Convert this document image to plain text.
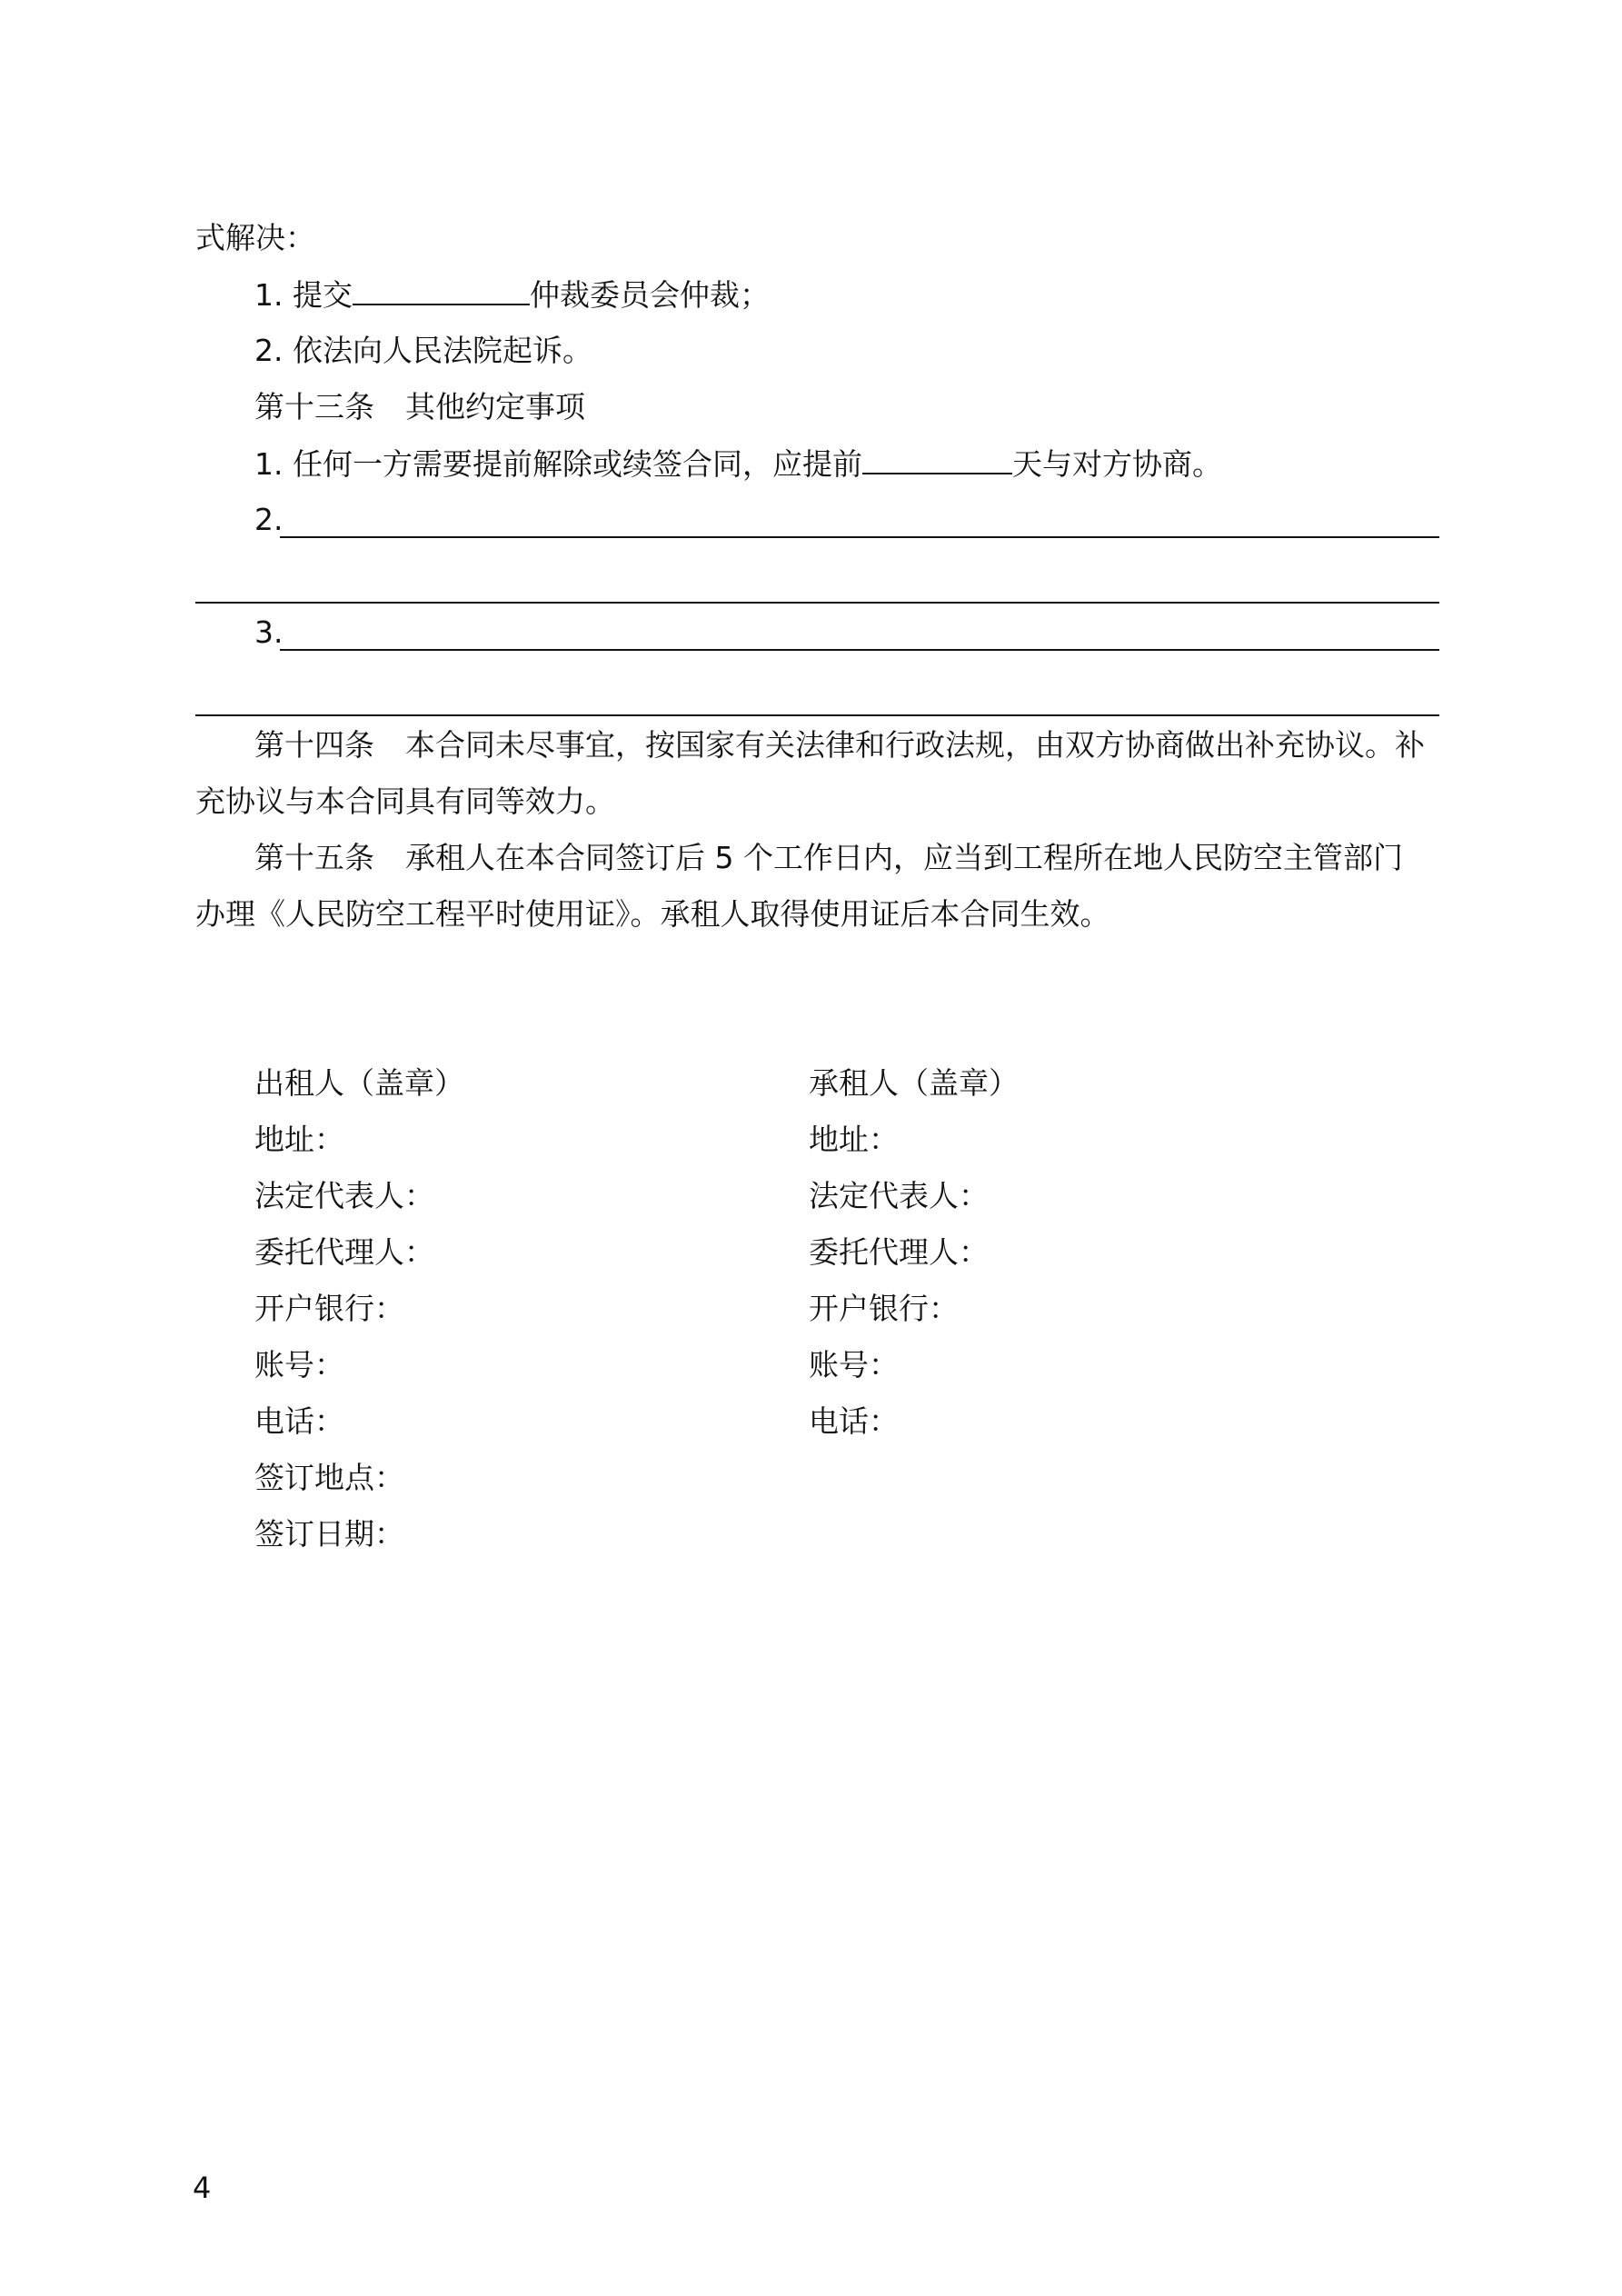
式解决：
1. 提交	仲裁委员会仲裁；
2. 依法向人民法院起诉。
第十三条 其他约定事项
1. 任何一方需要提前解除或续签合同，应提前	天与对方协商。
2.
3.
第十四条 本合同未尽事宜，按国家有关法律和行政法规，由双方协商做出补充协议。补
充协议与本合同具有同等效力。
第十五条 承租人在本合同签订后 5 个工作日内，应当到工程所在地人民防空主管部门
办理《人民防空工程平时使用证》。承租人取得使用证后本合同生效。
出租人（盖章）
地址：
法定代表人：
委托代理人：
开户银行：
账号：
电话：
签订地点：
签订日期：
承租人（盖章）
地址：
法定代表人：
委托代理人：
开户银行：
账号：
电话：
4
